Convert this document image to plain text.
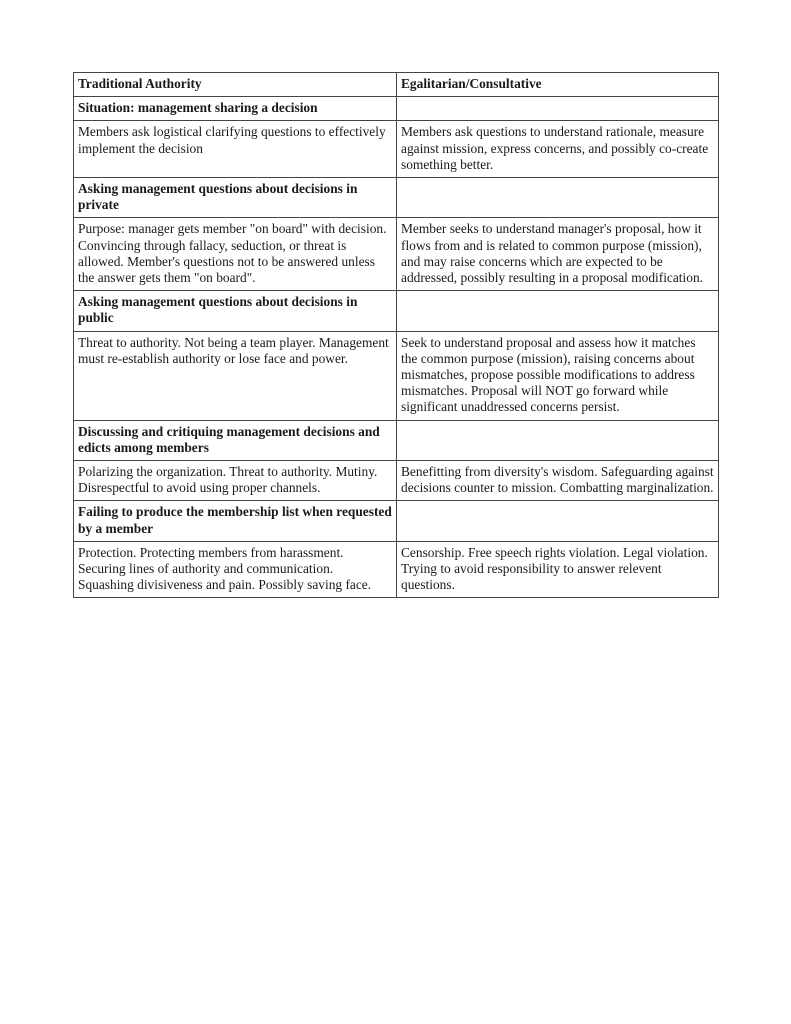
Traditional Authority	Egalitarian/Consultative
Situation: management sharing a decision	
Members ask logistical clarifying questions to effectively implement the decision	Members ask questions to understand rationale, measure against mission, express concerns, and possibly co-create something better.
Asking management questions about decisions in private	
Purpose: manager gets member "on board" with decision. Convincing through fallacy, seduction, or threat is allowed. Member's questions not to be answered unless the answer gets them "on board".	Member seeks to understand manager's proposal, how it flows from and is related to common purpose (mission), and may raise concerns which are expected to be addressed, possibly resulting in a proposal modification.
Asking management questions about decisions in public	
Threat to authority. Not being a team player. Management must re-establish authority or lose face and power.	Seek to understand proposal and assess how it matches the common purpose (mission), raising concerns about mismatches, propose possible modifications to address mismatches. Proposal will NOT go forward while significant unaddressed concerns persist.
Discussing and critiquing management decisions and edicts among members	
Polarizing the organization. Threat to authority. Mutiny. Disrespectful to avoid using proper channels.	Benefitting from diversity's wisdom. Safeguarding against decisions counter to mission. Combatting marginalization.
Failing to produce the membership list when requested by a member	
Protection. Protecting members from harassment. Securing lines of authority and communication. Squashing divisiveness and pain. Possibly saving face.	Censorship. Free speech rights violation. Legal violation. Trying to avoid responsibility to answer relevent questions.
